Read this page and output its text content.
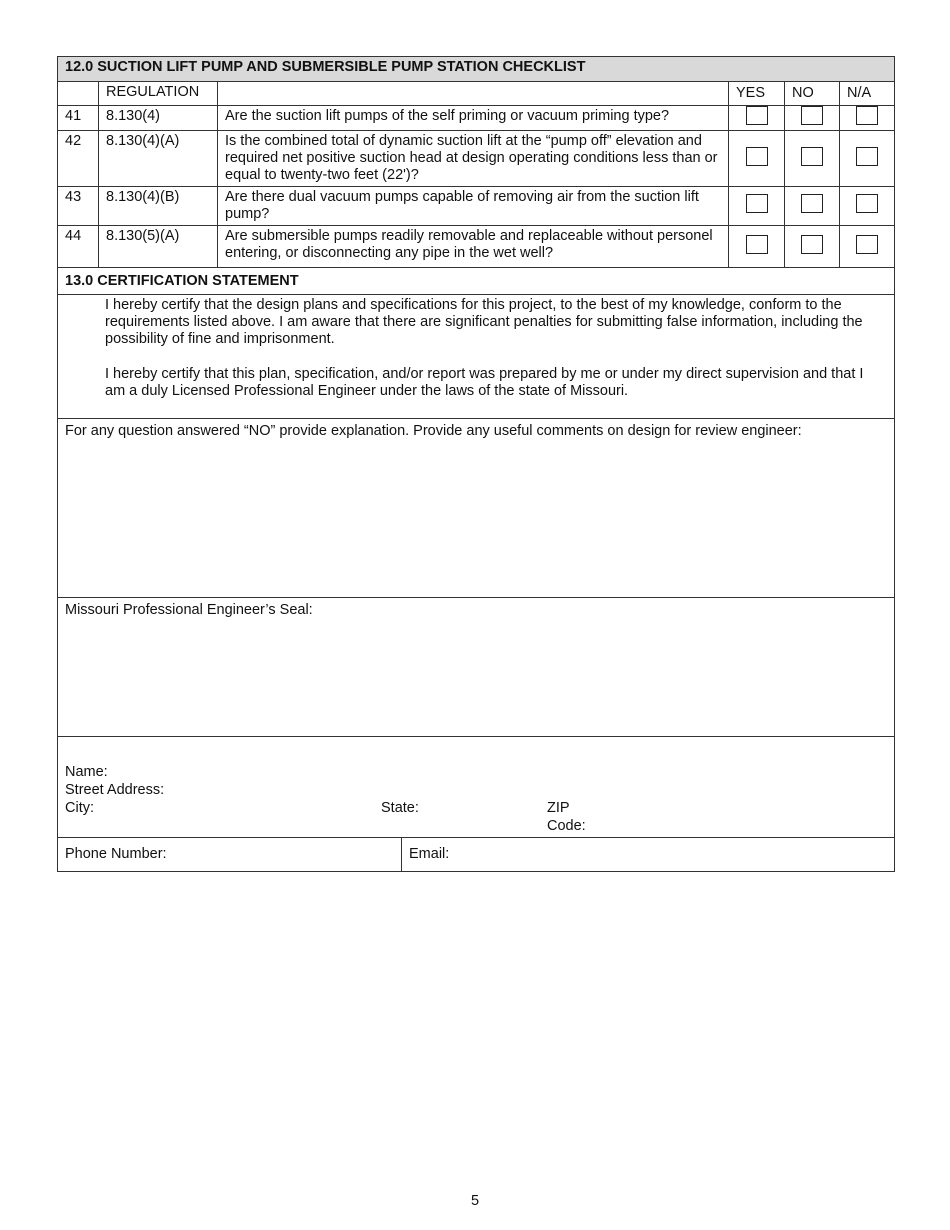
12.0 SUCTION LIFT PUMP AND SUBMERSIBLE PUMP STATION CHECKLIST
	REGULATION		YES	NO	N/A
41	8.130(4)	Are the suction lift pumps of the self priming or vacuum priming type?			
42	8.130(4)(A)	Is the combined total of dynamic suction lift at the “pump off” elevation and required net positive suction head at design operating conditions less than or equal to twenty-two feet (22')?			
43	8.130(4)(B)	Are there dual vacuum pumps capable of removing air from the suction lift pump?			
44	8.130(5)(A)	Are submersible pumps readily removable and replaceable without personel entering, or disconnecting any pipe in the wet well?			
13.0 CERTIFICATION STATEMENT

I hereby certify that the design plans and specifications for this project, to the best of my knowledge, conform to the requirements listed above. I am aware that there are significant penalties for submitting false information, including the possibility of fine and imprisonment.

I hereby certify that this plan, specification, and/or report was prepared by me or under my direct supervision and that I am a duly Licensed Professional Engineer under the laws of the state of Missouri.

For any question answered “NO” provide explanation. Provide any useful comments on design for review engineer:
Missouri Professional Engineer’s Seal:

Name:
Street Address:
City:	State:	ZIP Code:

Phone Number:	Email:

5
